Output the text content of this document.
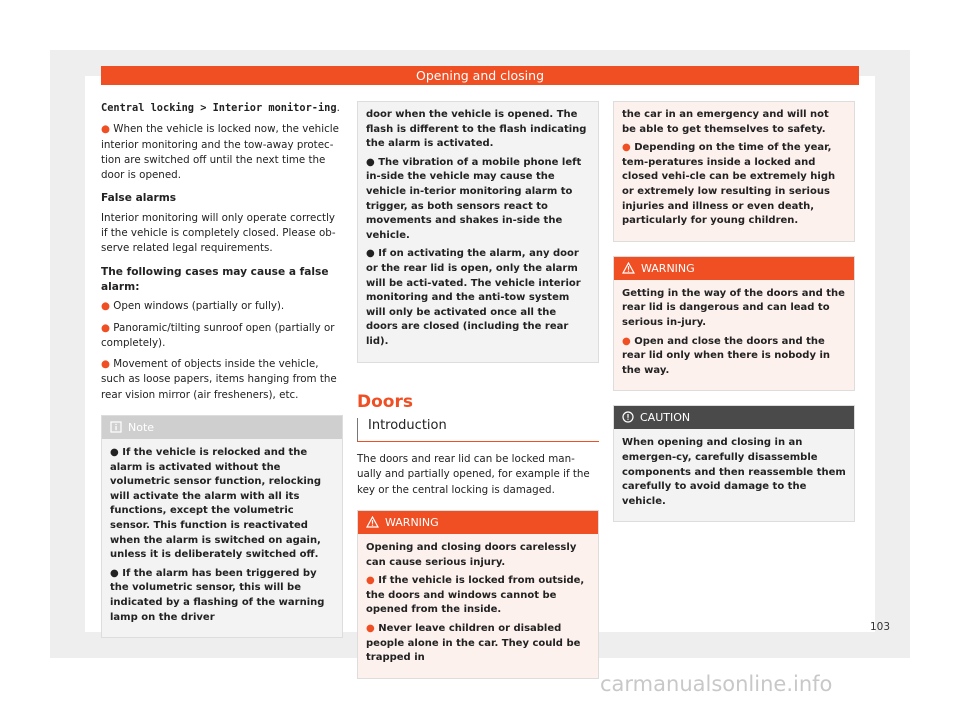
Opening and closing

Central locking > Interior monitor-ing.

● When the vehicle is locked now, the vehicle interior monitoring and the tow-away protec-tion are switched off until the next time the door is opened.

False alarms

Interior monitoring will only operate correctly if the vehicle is completely closed. Please ob-serve related legal requirements.

The following cases may cause a false alarm:

● Open windows (partially or fully).

● Panoramic/tilting sunroof open (partially or completely).

● Movement of objects inside the vehicle, such as loose papers, items hanging from the rear vision mirror (air fresheners), etc.

Note

● If the vehicle is relocked and the alarm is activated without the volumetric sensor function, relocking will activate the alarm with all its functions, except the volumetric sensor. This function is reactivated when the alarm is switched on again, unless it is deliberately switched off.

● If the alarm has been triggered by the volumetric sensor, this will be indicated by a flashing of the warning lamp on the driver

door when the vehicle is opened. The flash is different to the flash indicating the alarm is activated.

● The vibration of a mobile phone left in-side the vehicle may cause the vehicle in-terior monitoring alarm to trigger, as both sensors react to movements and shakes in-side the vehicle.

● If on activating the alarm, any door or the rear lid is open, only the alarm will be acti-vated. The vehicle interior monitoring and the anti-tow system will only be activated once all the doors are closed (including the rear lid).

Doors
Introduction

The doors and rear lid can be locked man-ually and partially opened, for example if the key or the central locking is damaged.

WARNING

Opening and closing doors carelessly can cause serious injury.

● If the vehicle is locked from outside, the doors and windows cannot be opened from the inside.

● Never leave children or disabled people alone in the car. They could be trapped in

the car in an emergency and will not be able to get themselves to safety.

● Depending on the time of the year, tem-peratures inside a locked and closed vehi-cle can be extremely high or extremely low resulting in serious injuries and illness or even death, particularly for young children.

WARNING

Getting in the way of the doors and the rear lid is dangerous and can lead to serious in-jury.

● Open and close the doors and the rear lid only when there is nobody in the way.

CAUTION

When opening and closing in an emergen-cy, carefully disassemble components and then reassemble them carefully to avoid damage to the vehicle.

103
carmanualsonline.info
